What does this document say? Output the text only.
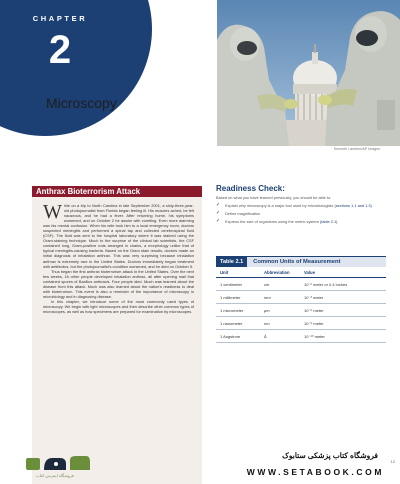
CHAPTER
2
Microscopy
Kenneth Lambert/AP Images
Anthrax Bioterrorism Attack

While on a trip to North Carolina in late September 2001, a sixty-three-year-old photojournalist from Florida began feeling ill. His muscles ached, he felt nauseous, and he had a fever. After returning home, his symptoms worsened, and on October 2 he awoke with vomiting. Even more alarming was his mental confusion. When his wife took him to a local emergency room, doctors suspected meningitis and performed a spinal tap and collected cerebrospinal fluid (CSF). The fluid was sent to the hospital laboratory where it was stained using the Gram-staining technique. Much to the surprise of the clinical lab scientists, the CSF contained long, Gram-positive rods arranged in chains, a morphology unlike that of typical meningitis-causing bacteria. Based on the Gram stain results, doctors made an initial diagnosis of inhalation anthrax. This was very surprising because inhalation anthrax is extremely rare in the United States. Doctors immediately began treatment with antibiotics, but the photojournalist's condition worsened, and he died on October 5.

Thus began the first anthrax bioterrorism attack in the United States. Over the next few weeks, 16 other people developed inhalation anthrax, all after opening mail that contained spores of Bacillus anthracis. Four people died. Much was learned about the disease from this attack. Much was also learned about the nation's readiness to deal with bioterrorism. This event is also a reminder of the importance of microscopy in microbiology and in diagnosing disease.

In this chapter, we introduce some of the most commonly used types of microscopy. We begin with light microscopes and then describe other common types of microscopes, as well as how specimens are prepared for examination by microscopes.

Readiness Check:
Based on what you have learned previously, you should be able to:
✓	Explain why microscopy is a major tool used by microbiologists (sections 1.1 and 1.3)
✓	Define magnification
✓	Express the size of organisms using the metric system (table 2.1)
Table 2.1	Common Units of Measurement
Unit	Abbreviation	Value
1 centimeter	cm	10⁻² meter or 0.4 inches
1 millimeter	mm	10⁻³ meter
1 micrometer	μm	10⁻⁶ meter
1 nanometer	nm	10⁻⁹ meter
1 Angstrom	Å	10⁻¹⁰ meter
فروشگاه اینترنتی کتاب
فروشگاه کتاب پزشکی ستابوک
WWW.SETABOOK.COM
12
